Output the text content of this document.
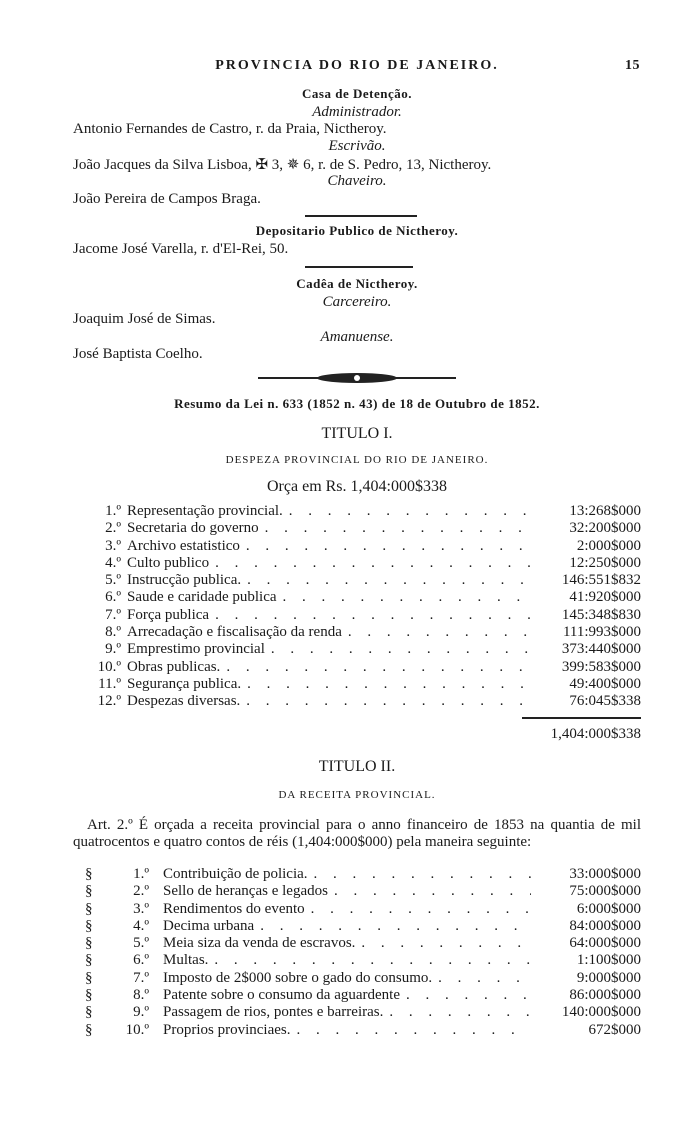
PROVINCIA DO RIO DE JANEIRO.	15
Casa de Detenção.
Administrador.
Antonio Fernandes de Castro, r. da Praia, Nictheroy.
Escrivão.
João Jacques da Silva Lisboa, ✠ 3, ✵ 6, r. de S. Pedro, 13, Nictheroy.
Chaveiro.
João Pereira de Campos Braga.
Depositario Publico de Nictheroy.
Jacome José Varella, r. d'El-Rei, 50.
Cadêa de Nictheroy.
Carcereiro.
Joaquim José de Simas.
Amanuense.
José Baptista Coelho.
Resumo da Lei n. 633 (1852 n. 43) de 18 de Outubro de 1852.
TITULO I.
DESPEZA PROVINCIAL DO RIO DE JANEIRO.
Orça em Rs. 1,404:000$338
1.º Representação provincial. . . .	13:268$000
2.º Secretaria do governo . . .	32:200$000
3.º Archivo estatistico . . .	2:000$000
4.º Culto publico . . .	12:250$000
5.º Instrucção publica. . . .	146:551$832
6.º Saude e caridade publica . . .	41:920$000
7.º Força publica . . .	145:348$830
8.º Arrecadação e fiscalisação da renda . . .	111:993$000
9.º Emprestimo provincial . . .	373:440$000
10.º Obras publicas. . . .	399:583$000
11.º Segurança publica. . . .	49:400$000
12.º Despezas diversas. . . .	76:045$338
1,404:000$338
TITULO II.
DA RECEITA PROVINCIAL.
Art. 2.º É orçada a receita provincial para o anno financeiro de 1853 na quantia de mil quatrocentos e quatro contos de réis (1,404:000$000) pela maneira seguinte:
§	1.º Contribuição de policia. . . .	33:000$000
§	2.º Sello de heranças e legados . . .	75:000$000
§	3.º Rendimentos do evento . . .	6:000$000
§	4.º Decima urbana . . .	84:000$000
§	5.º Meia siza da venda de escravos. . . .	64:000$000
§	6.º Multas. . . .	1:100$000
§	7.º Imposto de 2$000 sobre o gado do consumo. . . .	9:000$000
§	8.º Patente sobre o consumo da aguardente . . .	86:000$000
§	9.º Passagem de rios, pontes e barreiras. . . .	140:000$000
§	10.º Proprios provinciaes. . . .	672$000
